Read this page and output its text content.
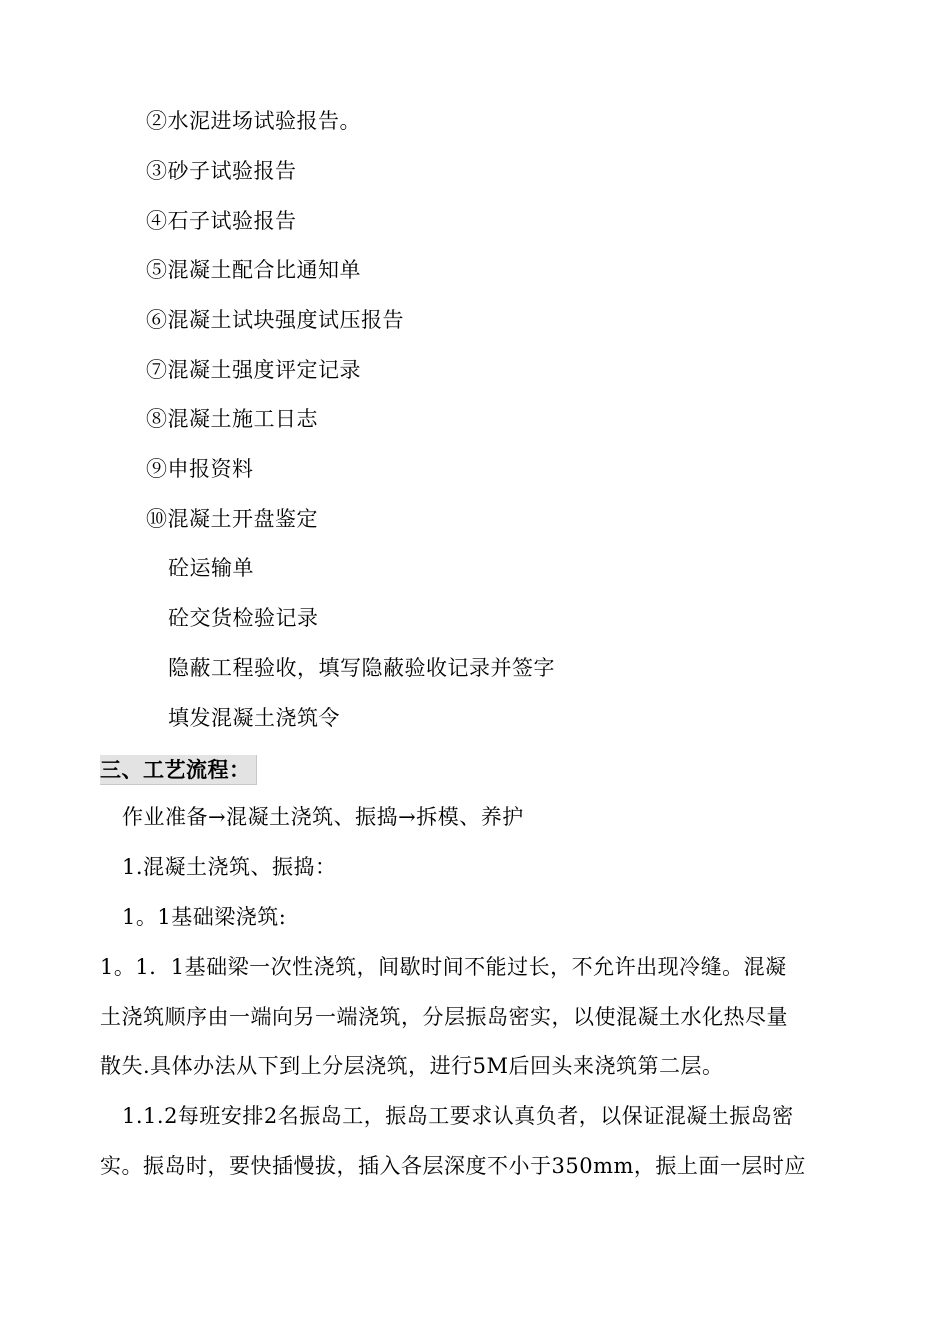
②水泥进场试验报告。
③砂子试验报告
④石子试验报告
⑤混凝土配合比通知单
⑥混凝土试块强度试压报告
⑦混凝土强度评定记录
⑧混凝土施工日志
⑨申报资料
⑩混凝土开盘鉴定
砼运输单
砼交货检验记录
隐蔽工程验收，填写隐蔽验收记录并签字
填发混凝土浇筑令
三、工艺流程：
作业准备→混凝土浇筑、振捣→拆模、养护
1.混凝土浇筑、振捣：
1。1基础梁浇筑:
1。1．1基础梁一次性浇筑，间歇时间不能过长，不允许出现冷缝。混凝
土浇筑顺序由一端向另一端浇筑，分层振岛密实，以使混凝土水化热尽量
散失.具体办法从下到上分层浇筑，进行5M后回头来浇筑第二层。
1.1.2每班安排2名振岛工，振岛工要求认真负者，以保证混凝土振岛密
实。振岛时，要快插慢拔，插入各层深度不小于350mm，振上面一层时应
